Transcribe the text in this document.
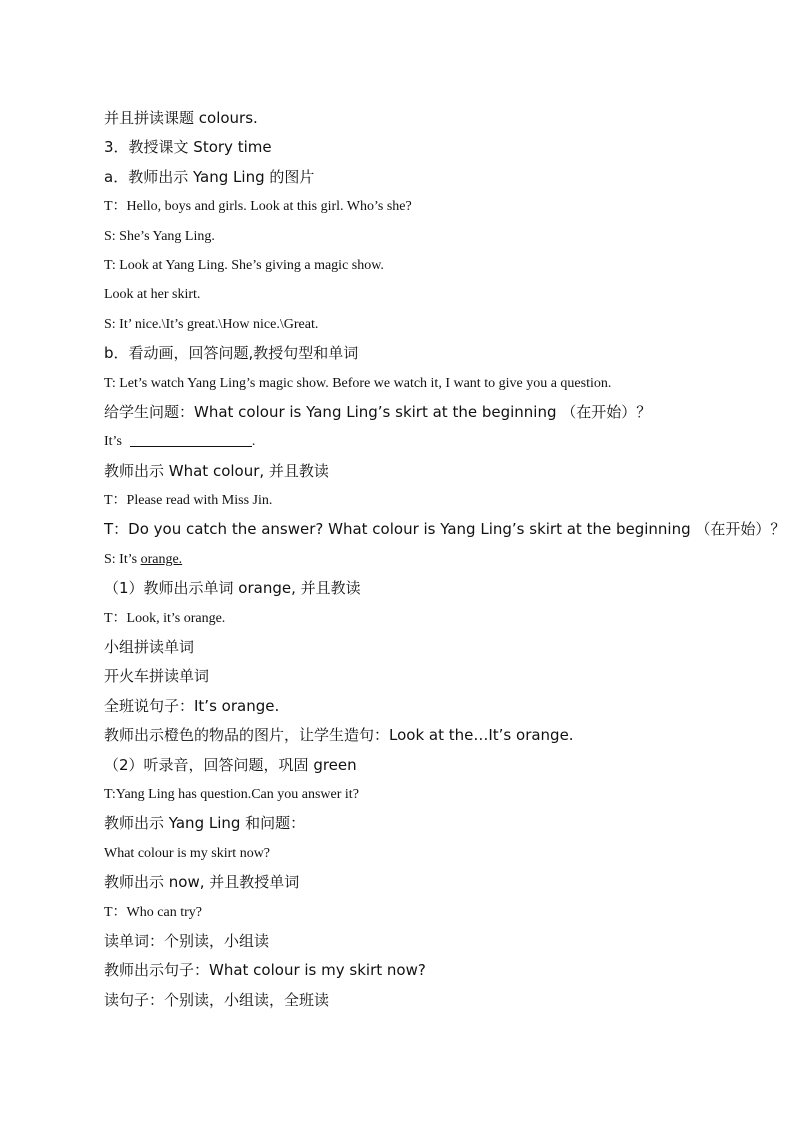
并且拼读课题 colours.
3．教授课文 Story time
a．教师出示 Yang Ling 的图片
T：Hello, boys and girls. Look at this girl. Who’s she?
S: She’s Yang Ling.
T: Look at Yang Ling. She’s giving a magic show.
Look at her skirt.
S: It’ nice.\It’s great.\How nice.\Great.
b．看动画，回答问题,教授句型和单词
T: Let’s watch Yang Ling’s magic show. Before we watch it, I want to give you a question.
给学生问题：What colour is Yang Ling’s skirt at the beginning （在开始）？
It’s	.
教师出示 What colour, 并且教读
T：Please read with Miss Jin.
T：Do you catch the answer? What colour is Yang Ling’s skirt at the beginning （在开始）？
S: It’s orange.
（1）教师出示单词 orange, 并且教读
T：Look, it’s orange.
小组拼读单词
开火车拼读单词
全班说句子：It’s orange.
教师出示橙色的物品的图片，让学生造句：Look at the…It’s orange.
（2）听录音，回答问题，巩固 green
T:Yang Ling has question.Can you answer it?
教师出示 Yang Ling 和问题：
What colour is my skirt now?
教师出示 now, 并且教授单词
T：Who can try?
读单词：个别读，小组读
教师出示句子：What colour is my skirt now?
读句子：个别读，小组读，全班读
